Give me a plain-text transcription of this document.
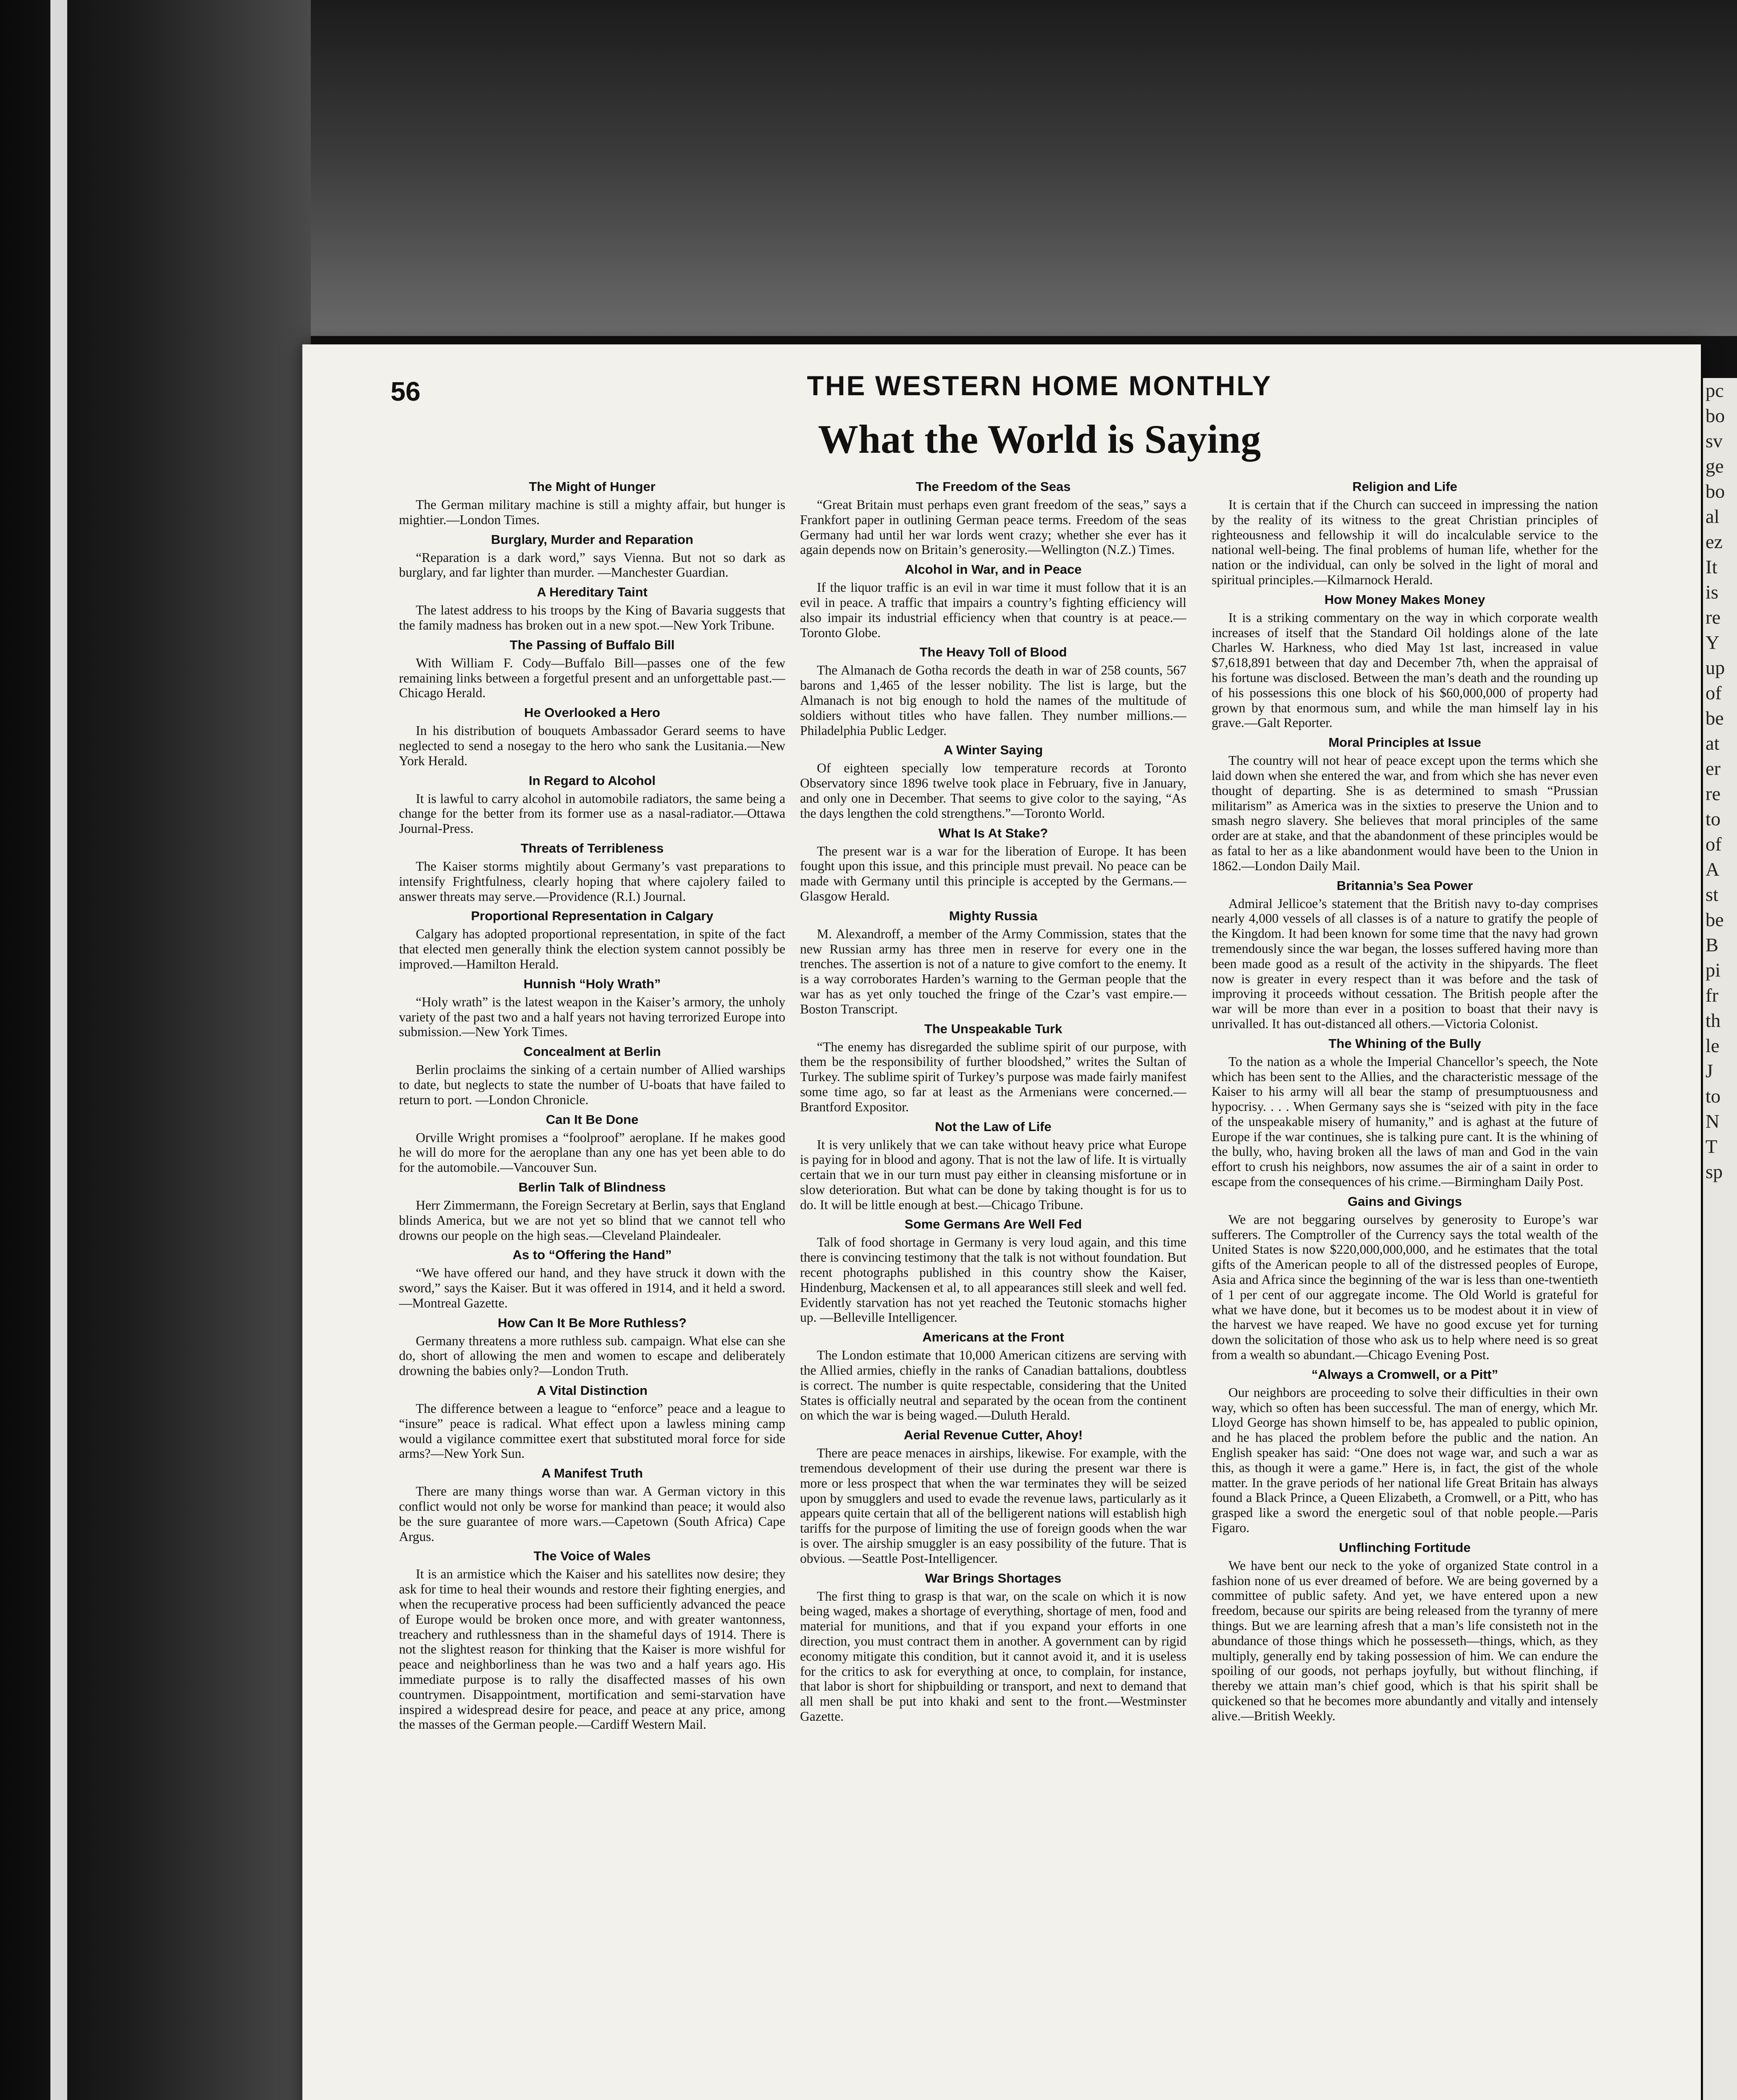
pc
bo
sv
ge
bo
al
ez
It
is
re
Y
up
of
be
at
er
re
to
of
A
st
be
B
pi
fr
th
le
J
to
N
T
sp
56	THE WESTERN HOME MONTHLY
What the World is Saying
The Might of Hunger

The German military machine is still a mighty affair, but hunger is mightier.—London Times.

Burglary, Murder and Reparation

“Reparation is a dark word,” says Vienna. But not so dark as burglary, and far lighter than murder. —Manchester Guardian.

A Hereditary Taint

The latest address to his troops by the King of Bavaria suggests that the family madness has broken out in a new spot.—New York Tribune.

The Passing of Buffalo Bill

With William F. Cody—Buffalo Bill—passes one of the few remaining links between a forgetful present and an unforgettable past.—Chicago Herald.

He Overlooked a Hero

In his distribution of bouquets Ambassador Gerard seems to have neglected to send a nosegay to the hero who sank the Lusitania.—New York Herald.

In Regard to Alcohol

It is lawful to carry alcohol in automobile radiators, the same being a change for the better from its former use as a nasal-radiator.—Ottawa Journal-Press.

Threats of Terribleness

The Kaiser storms mightily about Germany’s vast preparations to intensify Frightfulness, clearly hoping that where cajolery failed to answer threats may serve.—Providence (R.I.) Journal.

Proportional Representation in Calgary

Calgary has adopted proportional representation, in spite of the fact that elected men generally think the election system cannot possibly be improved.—Hamilton Herald.

Hunnish “Holy Wrath”

“Holy wrath” is the latest weapon in the Kaiser’s armory, the unholy variety of the past two and a half years not having terrorized Europe into submission.—New York Times.

Concealment at Berlin

Berlin proclaims the sinking of a certain number of Allied warships to date, but neglects to state the number of U-boats that have failed to return to port. —London Chronicle.

Can It Be Done

Orville Wright promises a “foolproof” aeroplane. If he makes good he will do more for the aeroplane than any one has yet been able to do for the automobile.—Vancouver Sun.

Berlin Talk of Blindness

Herr Zimmermann, the Foreign Secretary at Berlin, says that England blinds America, but we are not yet so blind that we cannot tell who drowns our people on the high seas.—Cleveland Plaindealer.

As to “Offering the Hand”

“We have offered our hand, and they have struck it down with the sword,” says the Kaiser. But it was offered in 1914, and it held a sword.—Montreal Gazette.

How Can It Be More Ruthless?

Germany threatens a more ruthless sub. campaign. What else can she do, short of allowing the men and women to escape and deliberately drowning the babies only?—London Truth.

A Vital Distinction

The difference between a league to “enforce” peace and a league to “insure” peace is radical. What effect upon a lawless mining camp would a vigilance committee exert that substituted moral force for side arms?—New York Sun.

A Manifest Truth

There are many things worse than war. A German victory in this conflict would not only be worse for mankind than peace; it would also be the sure guarantee of more wars.—Capetown (South Africa) Cape Argus.

The Voice of Wales

It is an armistice which the Kaiser and his satellites now desire; they ask for time to heal their wounds and restore their fighting energies, and when the recuperative process had been sufficiently advanced the peace of Europe would be broken once more, and with greater wantonness, treachery and ruthlessness than in the shameful days of 1914. There is not the slightest reason for thinking that the Kaiser is more wishful for peace and neighborliness than he was two and a half years ago. His immediate purpose is to rally the disaffected masses of his own countrymen. Disappointment, mortification and semi-starvation have inspired a widespread desire for peace, and peace at any price, among the masses of the German people.—Cardiff Western Mail.

The Freedom of the Seas

“Great Britain must perhaps even grant freedom of the seas,” says a Frankfort paper in outlining German peace terms. Freedom of the seas Germany had until her war lords went crazy; whether she ever has it again depends now on Britain’s generosity.—Wellington (N.Z.) Times.

Alcohol in War, and in Peace

If the liquor traffic is an evil in war time it must follow that it is an evil in peace. A traffic that impairs a country’s fighting efficiency will also impair its industrial efficiency when that country is at peace.—Toronto Globe.

The Heavy Toll of Blood

The Almanach de Gotha records the death in war of 258 counts, 567 barons and 1,465 of the lesser nobility. The list is large, but the Almanach is not big enough to hold the names of the multitude of soldiers without titles who have fallen. They number millions.—Philadelphia Public Ledger.

A Winter Saying

Of eighteen specially low temperature records at Toronto Observatory since 1896 twelve took place in February, five in January, and only one in December. That seems to give color to the saying, “As the days lengthen the cold strengthens.”—Toronto World.

What Is At Stake?

The present war is a war for the liberation of Europe. It has been fought upon this issue, and this principle must prevail. No peace can be made with Germany until this principle is accepted by the Germans.—Glasgow Herald.

Mighty Russia

M. Alexandroff, a member of the Army Commission, states that the new Russian army has three men in reserve for every one in the trenches. The assertion is not of a nature to give comfort to the enemy. It is a way corroborates Harden’s warning to the German people that the war has as yet only touched the fringe of the Czar’s vast empire.—Boston Transcript.

The Unspeakable Turk

“The enemy has disregarded the sublime spirit of our purpose, with them be the responsibility of further bloodshed,” writes the Sultan of Turkey. The sublime spirit of Turkey’s purpose was made fairly manifest some time ago, so far at least as the Armenians were concerned.—Brantford Expositor.

Not the Law of Life

It is very unlikely that we can take without heavy price what Europe is paying for in blood and agony. That is not the law of life. It is virtually certain that we in our turn must pay either in cleansing misfortune or in slow deterioration. But what can be done by taking thought is for us to do. It will be little enough at best.—Chicago Tribune.

Some Germans Are Well Fed

Talk of food shortage in Germany is very loud again, and this time there is convincing testimony that the talk is not without foundation. But recent photographs published in this country show the Kaiser, Hindenburg, Mackensen et al, to all appearances still sleek and well fed. Evidently starvation has not yet reached the Teutonic stomachs higher up. —Belleville Intelligencer.

Americans at the Front

The London estimate that 10,000 American citizens are serving with the Allied armies, chiefly in the ranks of Canadian battalions, doubtless is correct. The number is quite respectable, considering that the United States is officially neutral and separated by the ocean from the continent on which the war is being waged.—Duluth Herald.

Aerial Revenue Cutter, Ahoy!

There are peace menaces in airships, likewise. For example, with the tremendous development of their use during the present war there is more or less prospect that when the war terminates they will be seized upon by smugglers and used to evade the revenue laws, particularly as it appears quite certain that all of the belligerent nations will establish high tariffs for the purpose of limiting the use of foreign goods when the war is over. The airship smuggler is an easy possibility of the future. That is obvious. —Seattle Post-Intelligencer.

War Brings Shortages

The first thing to grasp is that war, on the scale on which it is now being waged, makes a shortage of everything, shortage of men, food and material for munitions, and that if you expand your efforts in one direction, you must contract them in another. A government can by rigid economy mitigate this condition, but it cannot avoid it, and it is useless for the critics to ask for everything at once, to complain, for instance, that labor is short for shipbuilding or transport, and next to demand that all men shall be put into khaki and sent to the front.—Westminster Gazette.

Religion and Life

It is certain that if the Church can succeed in impressing the nation by the reality of its witness to the great Christian principles of righteousness and fellowship it will do incalculable service to the national well-being. The final problems of human life, whether for the nation or the individual, can only be solved in the light of moral and spiritual principles.—Kilmarnock Herald.

How Money Makes Money

It is a striking commentary on the way in which corporate wealth increases of itself that the Standard Oil holdings alone of the late Charles W. Harkness, who died May 1st last, increased in value $7,618,891 between that day and December 7th, when the appraisal of his fortune was disclosed. Between the man’s death and the rounding up of his possessions this one block of his $60,000,000 of property had grown by that enormous sum, and while the man himself lay in his grave.—Galt Reporter.

Moral Principles at Issue

The country will not hear of peace except upon the terms which she laid down when she entered the war, and from which she has never even thought of departing. She is as determined to smash “Prussian militarism” as America was in the sixties to preserve the Union and to smash negro slavery. She believes that moral principles of the same order are at stake, and that the abandonment of these principles would be as fatal to her as a like abandonment would have been to the Union in 1862.—London Daily Mail.

Britannia’s Sea Power

Admiral Jellicoe’s statement that the British navy to-day comprises nearly 4,000 vessels of all classes is of a nature to gratify the people of the Kingdom. It had been known for some time that the navy had grown tremendously since the war began, the losses suffered having more than been made good as a result of the activity in the shipyards. The fleet now is greater in every respect than it was before and the task of improving it proceeds without cessation. The British people after the war will be more than ever in a position to boast that their navy is unrivalled. It has out-distanced all others.—Victoria Colonist.

The Whining of the Bully

To the nation as a whole the Imperial Chancellor’s speech, the Note which has been sent to the Allies, and the characteristic message of the Kaiser to his army will all bear the stamp of presumptuousness and hypocrisy. . . . When Germany says she is “seized with pity in the face of the unspeakable misery of humanity,” and is aghast at the future of Europe if the war continues, she is talking pure cant. It is the whining of the bully, who, having broken all the laws of man and God in the vain effort to crush his neighbors, now assumes the air of a saint in order to escape from the consequences of his crime.—Birmingham Daily Post.

Gains and Givings

We are not beggaring ourselves by generosity to Europe’s war sufferers. The Comptroller of the Currency says the total wealth of the United States is now $220,000,000,000, and he estimates that the total gifts of the American people to all of the distressed peoples of Europe, Asia and Africa since the beginning of the war is less than one-twentieth of 1 per cent of our aggregate income. The Old World is grateful for what we have done, but it becomes us to be modest about it in view of the harvest we have reaped. We have no good excuse yet for turning down the solicitation of those who ask us to help where need is so great from a wealth so abundant.—Chicago Evening Post.

“Always a Cromwell, or a Pitt”

Our neighbors are proceeding to solve their difficulties in their own way, which so often has been successful. The man of energy, which Mr. Lloyd George has shown himself to be, has appealed to public opinion, and he has placed the problem before the public and the nation. An English speaker has said: “One does not wage war, and such a war as this, as though it were a game.” Here is, in fact, the gist of the whole matter. In the grave periods of her national life Great Britain has always found a Black Prince, a Queen Elizabeth, a Cromwell, or a Pitt, who has grasped like a sword the energetic soul of that noble people.—Paris Figaro.

Unflinching Fortitude

We have bent our neck to the yoke of organized State control in a fashion none of us ever dreamed of before. We are being governed by a committee of public safety. And yet, we have entered upon a new freedom, because our spirits are being released from the tyranny of mere things. But we are learning afresh that a man’s life consisteth not in the abundance of those things which he possesseth—things, which, as they multiply, generally end by taking possession of him. We can endure the spoiling of our goods, not perhaps joyfully, but without flinching, if thereby we attain man’s chief good, which is that his spirit shall be quickened so that he becomes more abundantly and vitally and intensely alive.—British Weekly.
